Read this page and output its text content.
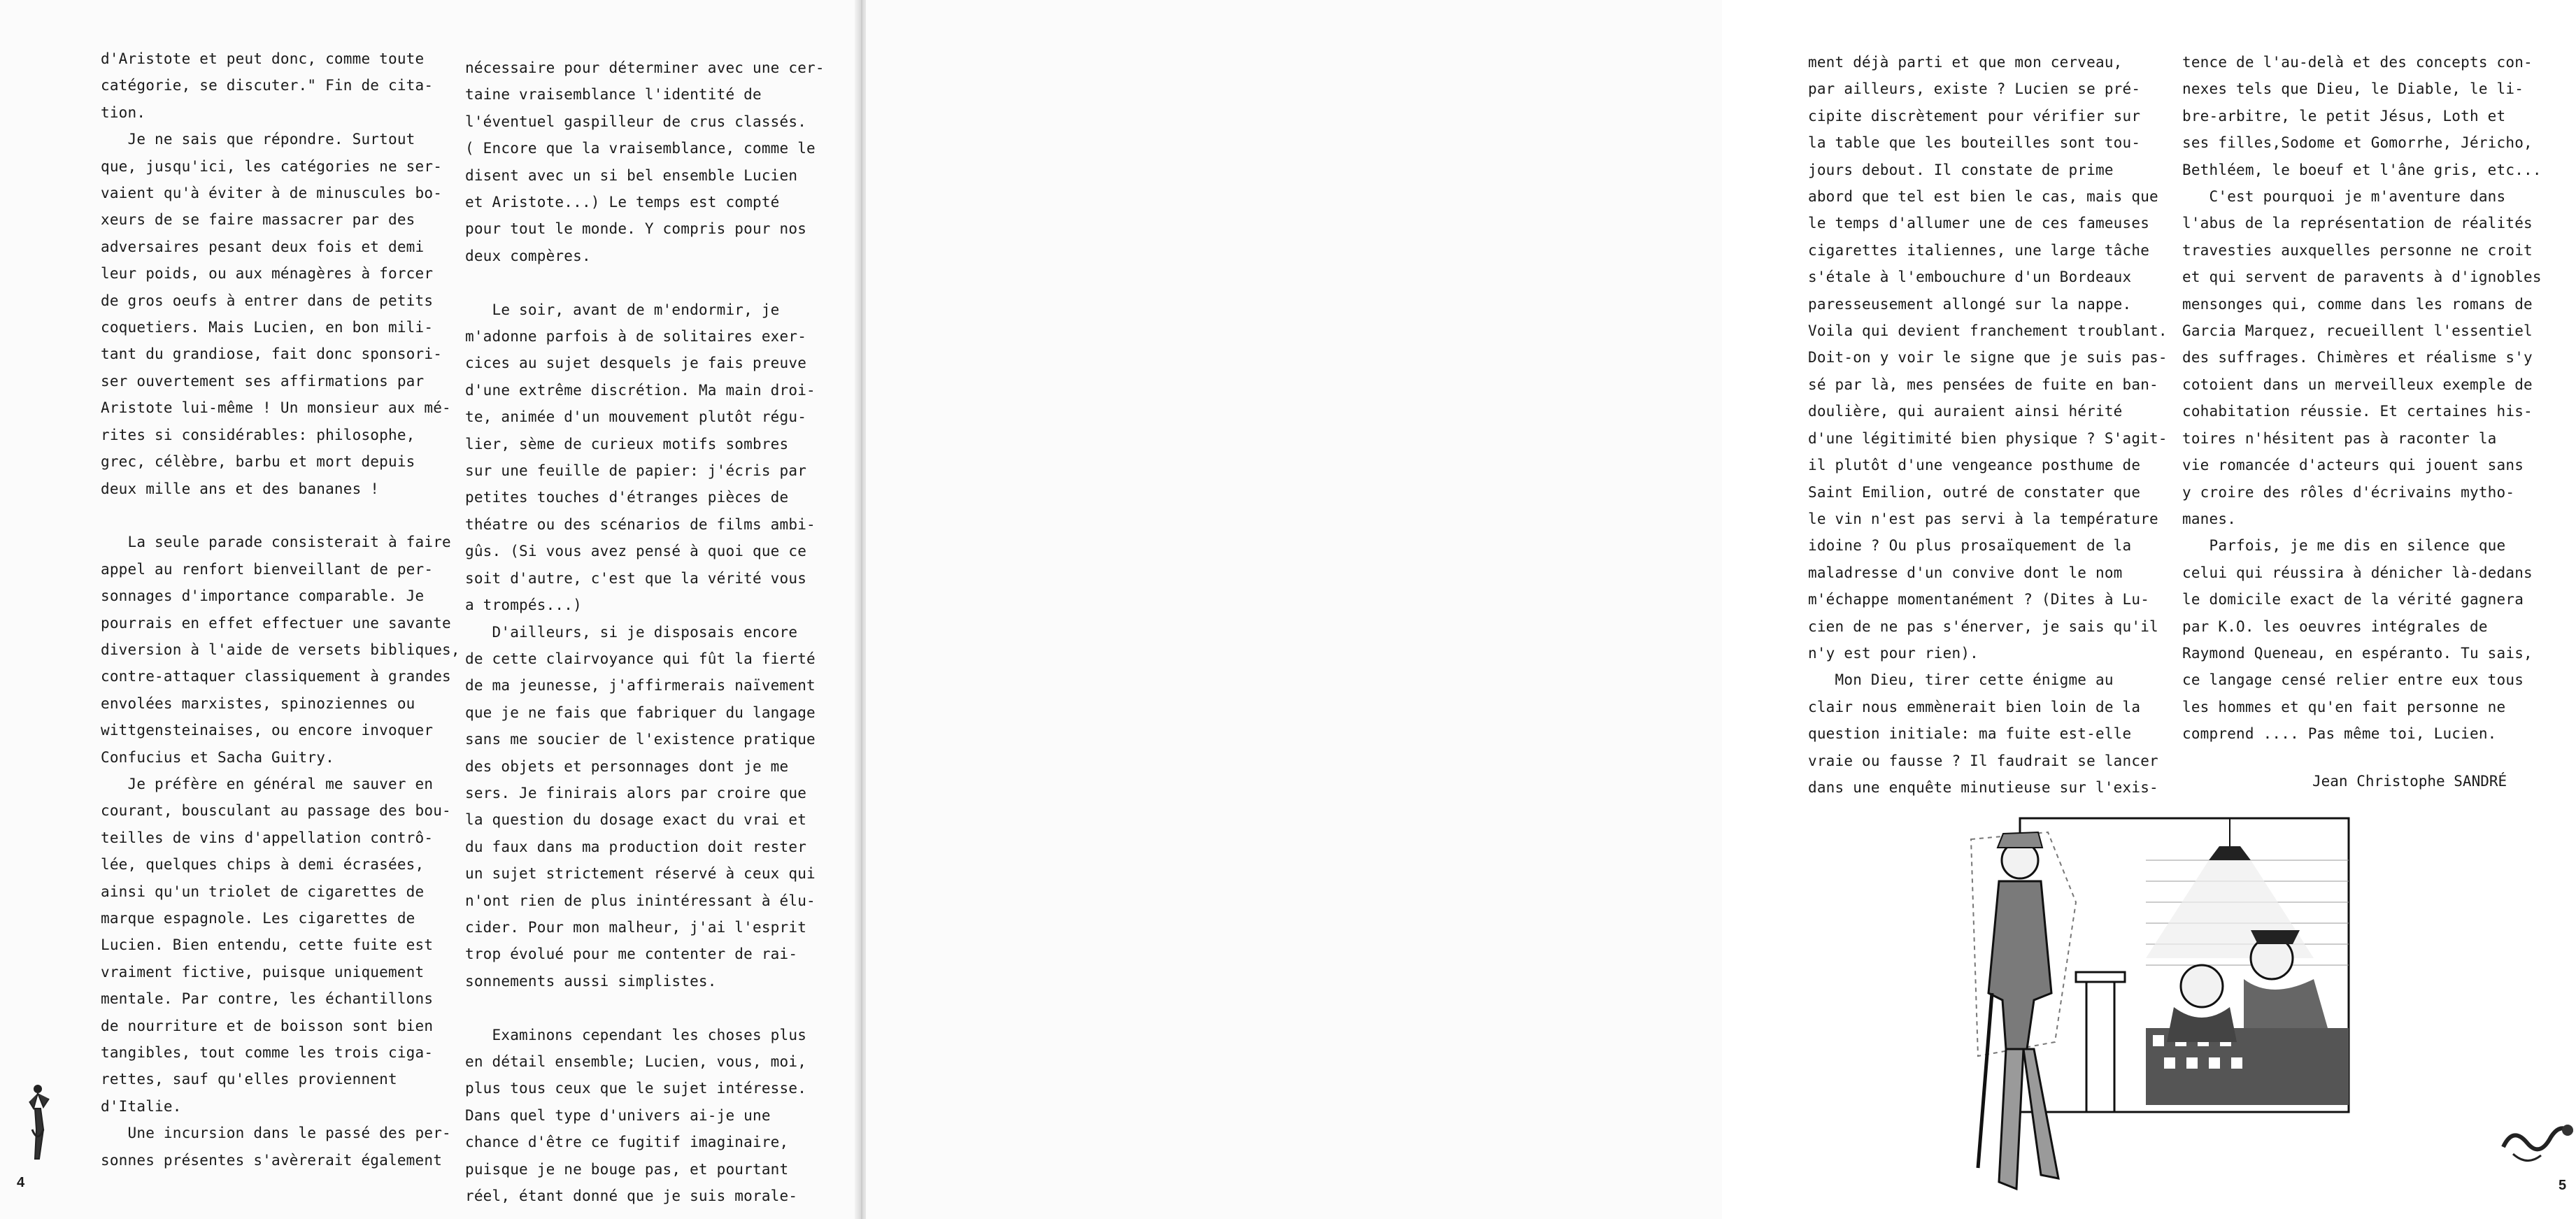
d'Aristote et peut donc, comme toute

catégorie, se discuter." Fin de cita-

tion.

Je ne sais que répondre. Surtout

que, jusqu'ici, les catégories ne ser-

vaient qu'à éviter à de minuscules bo-

xeurs de se faire massacrer par des

adversaires pesant deux fois et demi

leur poids, ou aux ménagères à forcer

de gros oeufs à entrer dans de petits

coquetiers. Mais Lucien, en bon mili-

tant du grandiose, fait donc sponsori-

ser ouvertement ses affirmations par

Aristote lui-même ! Un monsieur aux mé-

rites si considérables: philosophe,

grec, célèbre, barbu et mort depuis

deux mille ans et des bananes !

La seule parade consisterait à faire

appel au renfort bienveillant de per-

sonnages d'importance comparable. Je

pourrais en effet effectuer une savante

diversion à l'aide de versets bibliques,

contre-attaquer classiquement à grandes

envolées marxistes, spinoziennes ou

wittgensteinaises, ou encore invoquer

Confucius et Sacha Guitry.

Je préfère en général me sauver en

courant, bousculant au passage des bou-

teilles de vins d'appellation contrô-

lée, quelques chips à demi écrasées,

ainsi qu'un triolet de cigarettes de

marque espagnole. Les cigarettes de

Lucien. Bien entendu, cette fuite est

vraiment fictive, puisque uniquement

mentale. Par contre, les échantillons

de nourriture et de boisson sont bien

tangibles, tout comme les trois ciga-

rettes, sauf qu'elles proviennent

d'Italie.

Une incursion dans le passé des per-

sonnes présentes s'avèrerait également

nécessaire pour déterminer avec une cer-

taine vraisemblance l'identité de

l'éventuel gaspilleur de crus classés.

( Encore que la vraisemblance, comme le

disent avec un si bel ensemble Lucien

et Aristote...) Le temps est compté

pour tout le monde. Y compris pour nos

deux compères.

Le soir, avant de m'endormir, je

m'adonne parfois à de solitaires exer-

cices au sujet desquels je fais preuve

d'une extrême discrétion. Ma main droi-

te, animée d'un mouvement plutôt régu-

lier, sème de curieux motifs sombres

sur une feuille de papier: j'écris par

petites touches d'étranges pièces de

théatre ou des scénarios de films ambi-

gûs. (Si vous avez pensé à quoi que ce

soit d'autre, c'est que la vérité vous

a trompés...)

D'ailleurs, si je disposais encore

de cette clairvoyance qui fût la fierté

de ma jeunesse, j'affirmerais naïvement

que je ne fais que fabriquer du langage

sans me soucier de l'existence pratique

des objets et personnages dont je me

sers. Je finirais alors par croire que

la question du dosage exact du vrai et

du faux dans ma production doit rester

un sujet strictement réservé à ceux qui

n'ont rien de plus inintéressant à élu-

cider. Pour mon malheur, j'ai l'esprit

trop évolué pour me contenter de rai-

sonnements aussi simplistes.

Examinons cependant les choses plus

en détail ensemble; Lucien, vous, moi,

plus tous ceux que le sujet intéresse.

Dans quel type d'univers ai-je une

chance d'être ce fugitif imaginaire,

puisque je ne bouge pas, et pourtant

réel, étant donné que je suis morale-

4

ment déjà parti et que mon cerveau,

par ailleurs, existe ? Lucien se pré-

cipite discrètement pour vérifier sur

la table que les bouteilles sont tou-

jours debout. Il constate de prime

abord que tel est bien le cas, mais que

le temps d'allumer une de ces fameuses

cigarettes italiennes, une large tâche

s'étale à l'embouchure d'un Bordeaux

paresseusement allongé sur la nappe.

Voila qui devient franchement troublant.

Doit-on y voir le signe que je suis pas-

sé par là, mes pensées de fuite en ban-

doulière, qui auraient ainsi hérité

d'une légitimité bien physique ? S'agit-

il plutôt d'une vengeance posthume de

Saint Emilion, outré de constater que

le vin n'est pas servi à la température

idoine ? Ou plus prosaïquement de la

maladresse d'un convive dont le nom

m'échappe momentanément ? (Dites à Lu-

cien de ne pas s'énerver, je sais qu'il

n'y est pour rien).

Mon Dieu, tirer cette énigme au

clair nous emmènerait bien loin de la

question initiale: ma fuite est-elle

vraie ou fausse ? Il faudrait se lancer

dans une enquête minutieuse sur l'exis-

tence de l'au-delà et des concepts con-

nexes tels que Dieu, le Diable, le li-

bre-arbitre, le petit Jésus, Loth et

ses filles,Sodome et Gomorrhe, Jéricho,

Bethléem, le boeuf et l'âne gris, etc...

C'est pourquoi je m'aventure dans

l'abus de la représentation de réalités

travesties auxquelles personne ne croit

et qui servent de paravents à d'ignobles

mensonges qui, comme dans les romans de

Garcia Marquez, recueillent l'essentiel

des suffrages. Chimères et réalisme s'y

cotoient dans un merveilleux exemple de

cohabitation réussie. Et certaines his-

toires n'hésitent pas à raconter la

vie romancée d'acteurs qui jouent sans

y croire des rôles d'écrivains mytho-

manes.

Parfois, je me dis en silence que

celui qui réussira à dénicher là-dedans

le domicile exact de la vérité gagnera

par K.O. les oeuvres intégrales de

Raymond Queneau, en espéranto. Tu sais,

ce langage censé relier entre eux tous

les hommes et qu'en fait personne ne

comprend .... Pas même toi, Lucien.

Jean Christophe SANDRÉ
5
